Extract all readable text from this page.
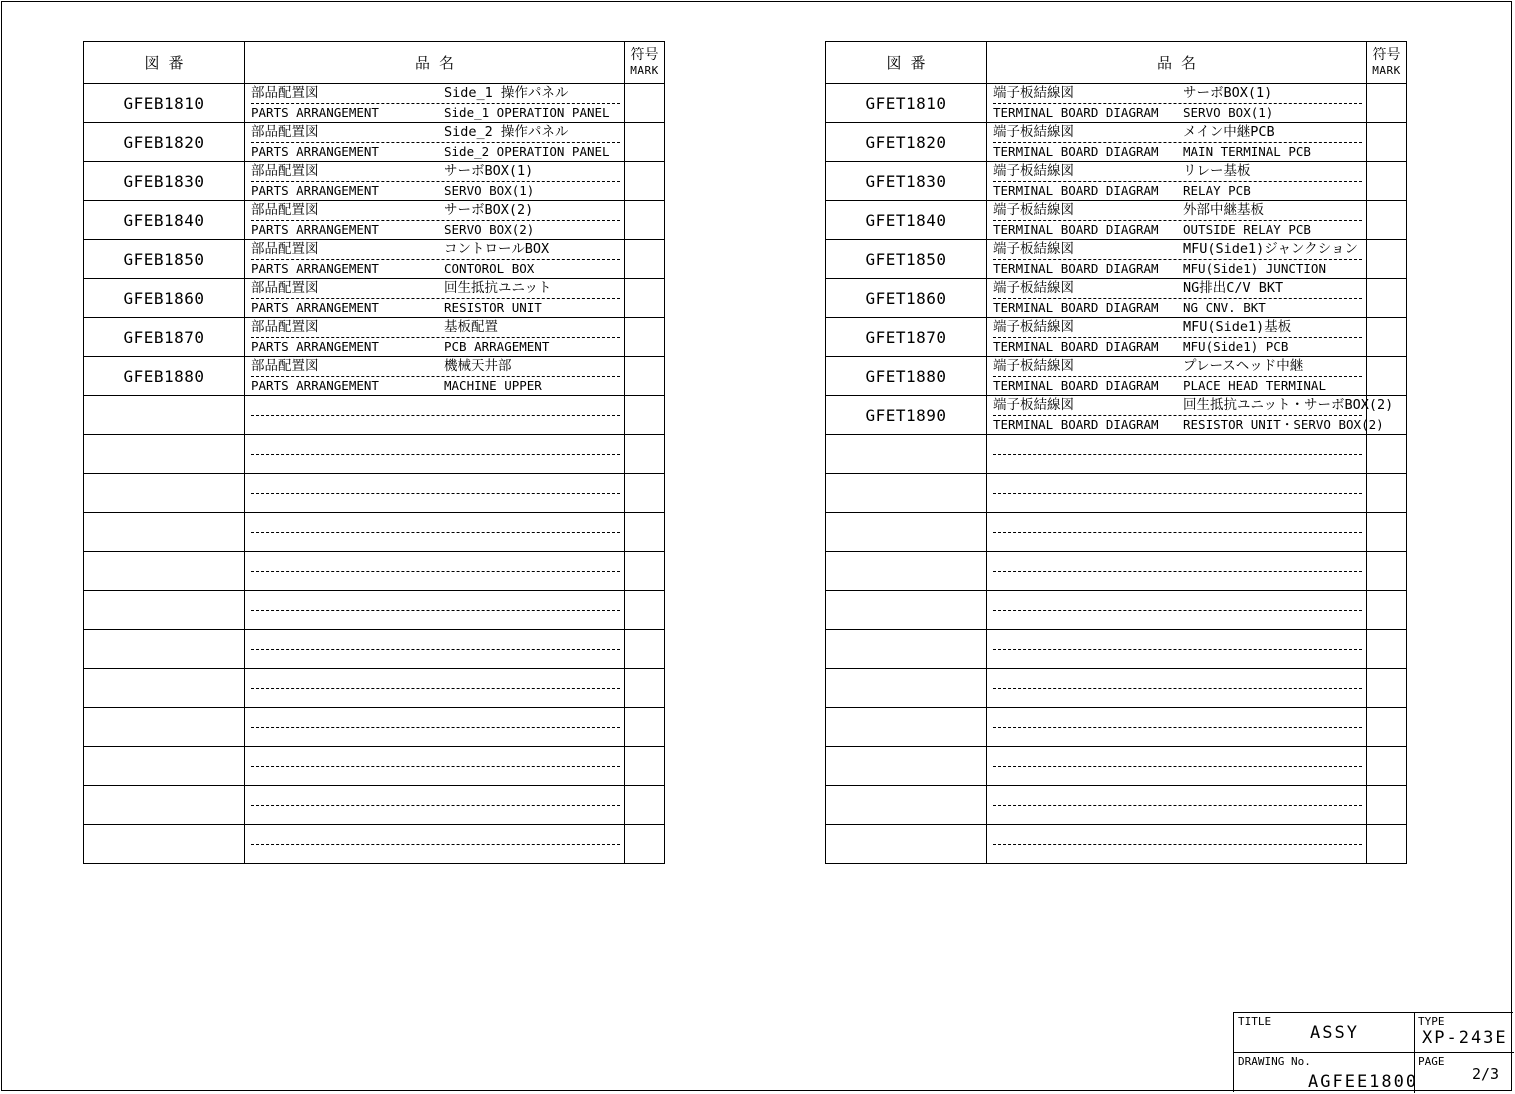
図 番	品 名	符号
MARK

GFEB1810	部品配置図 Side_1 操作パネル
PARTS ARRANGEMENT Side_1 OPERATION PANEL	

GFEB1820	部品配置図 Side_2 操作パネル
PARTS ARRANGEMENT Side_2 OPERATION PANEL	

GFEB1830	部品配置図 サーボBOX(1)
PARTS ARRANGEMENT SERVO BOX(1)	

GFEB1840	部品配置図 サーボBOX(2)
PARTS ARRANGEMENT SERVO BOX(2)	

GFEB1850	部品配置図 コントロールBOX
PARTS ARRANGEMENT CONTOROL BOX	

GFEB1860	部品配置図 回生抵抗ユニット
PARTS ARRANGEMENT RESISTOR UNIT	

GFEB1870	部品配置図 基板配置
PARTS ARRANGEMENT PCB ARRAGEMENT	

GFEB1880	部品配置図 機械天井部
PARTS ARRANGEMENT MACHINE UPPER	

図 番	品 名	符号
MARK

GFET1810	端子板結線図 サーボBOX(1)
TERMINAL BOARD DIAGRAM SERVO BOX(1)	

GFET1820	端子板結線図 メイン中継PCB
TERMINAL BOARD DIAGRAM MAIN TERMINAL PCB	

GFET1830	端子板結線図 リレー基板
TERMINAL BOARD DIAGRAM RELAY PCB	

GFET1840	端子板結線図 外部中継基板
TERMINAL BOARD DIAGRAM OUTSIDE RELAY PCB	

GFET1850	端子板結線図 MFU(Side1)ジャンクション
TERMINAL BOARD DIAGRAM MFU(Side1) JUNCTION	

GFET1860	端子板結線図 NG排出C/V BKT
TERMINAL BOARD DIAGRAM NG CNV. BKT	

GFET1870	端子板結線図 MFU(Side1)基板
TERMINAL BOARD DIAGRAM MFU(Side1) PCB	

GFET1880	端子板結線図 プレースヘッド中継
TERMINAL BOARD DIAGRAM PLACE HEAD TERMINAL	

GFET1890	端子板結線図 回生抵抗ユニット・サーボBOX(2)
TERMINAL BOARD DIAGRAM RESISTOR UNIT・SERVO BOX(2)	

TITLE
ASSY
TYPE
XP-243E
DRAWING No.
AGFEE1800
PAGE
2/3
